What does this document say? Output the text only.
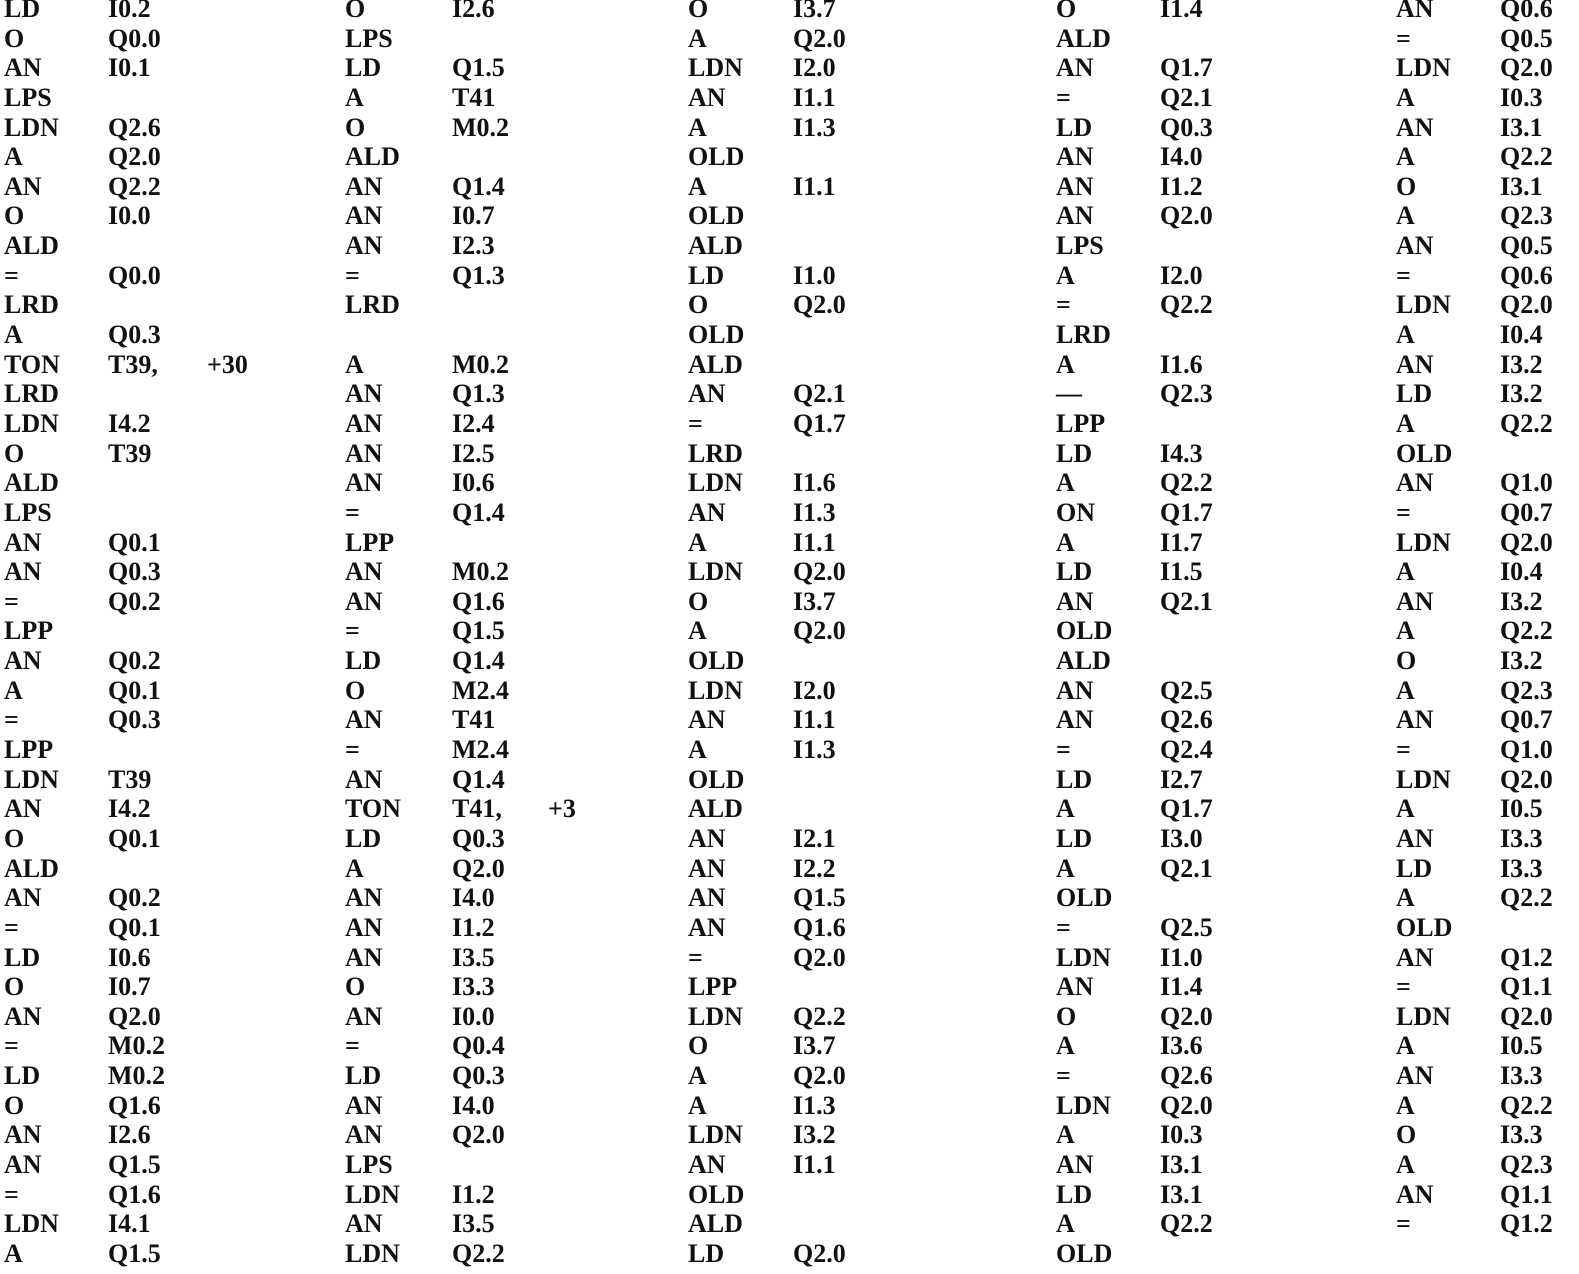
LD	I0.2
O	Q0.0
AN	I0.1
LPS
LDN Q2.6
A	Q2.0
AN	Q2.2
O	I0.0
ALD
=	Q0.0
LRD
A	Q0.3
TON T39, +30
LRD
LDN I4.2
O	T39
ALD
LPS
AN	Q0.1
AN	Q0.3
=	Q0.2
LPP
AN	Q0.2
A	Q0.1
=	Q0.3
LPP
LDN T39
AN	I4.2
O	Q0.1
ALD
AN	Q0.2
=	Q0.1
LD	I0.6
O	I0.7
AN	Q2.0
=	M0.2
LD	M0.2
O	Q1.6
AN	I2.6
AN	Q1.5
=	Q1.6
LDN I4.1
A	Q1.5
O	I2.6
LPS
LD	Q1.5
A	T41
O	M0.2
ALD
AN	Q1.4
AN	I0.7
AN	I2.3
=	Q1.3
LRD
A	M0.2
AN	Q1.3
AN	I2.4
AN	I2.5
AN	I0.6
=	Q1.4
LPP
AN	M0.2
AN	Q1.6
=	Q1.5
LD	Q1.4
O	M2.4
AN	T41
=	M2.4
AN	Q1.4
TON T41, +3
LD	Q0.3
A	Q2.0
AN	I4.0
AN	I1.2
AN	I3.5
O	I3.3
AN	I0.0
=	Q0.4
LD	Q0.3
AN	I4.0
AN	Q2.0
LPS
LDN I1.2
AN	I3.5
LDN Q2.2
O	I3.7
A	Q2.0
LDN I2.0
AN	I1.1
A	I1.3
OLD
A	I1.1
OLD
ALD
LD	I1.0
O	Q2.0
OLD
ALD
AN	Q2.1
=	Q1.7
LRD
LDN I1.6
AN	I1.3
A	I1.1
LDN Q2.0
O	I3.7
A	Q2.0
OLD
LDN I2.0
AN	I1.1
A	I1.3
OLD
ALD
AN	I2.1
AN	I2.2
AN	Q1.5
AN	Q1.6
=	Q2.0
LPP
LDN Q2.2
O	I3.7
A	Q2.0
A	I1.3
LDN I3.2
AN	I1.1
OLD
ALD
LD	Q2.0
O	I1.4
ALD
AN	Q1.7
=	Q2.1
LD	Q0.3
AN	I4.0
AN	I1.2
AN	Q2.0
LPS
A	I2.0
=	Q2.2
LRD
A	I1.6
—	Q2.3
LPP
LD	I4.3
A	Q2.2
ON	Q1.7
A	I1.7
LD	I1.5
AN	Q2.1
OLD
ALD
AN	Q2.5
AN	Q2.6
=	Q2.4
LD	I2.7
A	Q1.7
LD	I3.0
A	Q2.1
OLD
=	Q2.5
LDN I1.0
AN	I1.4
O	Q2.0
A	I3.6
=	Q2.6
LDN Q2.0
A	I0.3
AN	I3.1
LD	I3.1
A	Q2.2
OLD
AN	Q0.6
=	Q0.5
LDN Q2.0
A	I0.3
AN	I3.1
A	Q2.2
O	I3.1
A	Q2.3
AN	Q0.5
=	Q0.6
LDN Q2.0
A	I0.4
AN	I3.2
LD	I3.2
A	Q2.2
OLD
AN	Q1.0
=	Q0.7
LDN Q2.0
A	I0.4
AN	I3.2
A	Q2.2
O	I3.2
A	Q2.3
AN	Q0.7
=	Q1.0
LDN Q2.0
A	I0.5
AN	I3.3
LD	I3.3
A	Q2.2
OLD
AN	Q1.2
=	Q1.1
LDN Q2.0
A	I0.5
AN	I3.3
A	Q2.2
O	I3.3
A	Q2.3
AN	Q1.1
=	Q1.2
